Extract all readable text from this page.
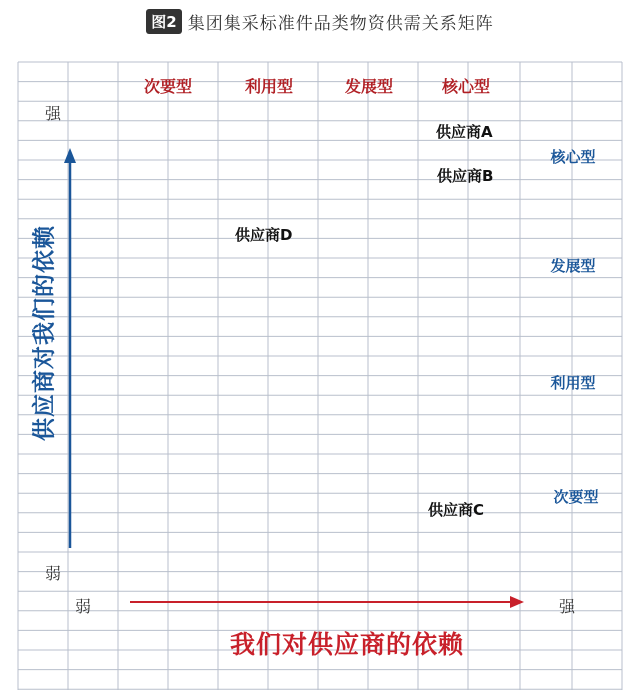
图2 集团集采标准件品类物资供需关系矩阵
次要型	利用型	发展型	核心型
核心型
发展型
利用型
次要型
供应商A
供应商B
供应商D
供应商C
强
弱
弱	强
供应商对我们的依赖
我们对供应商的依赖
